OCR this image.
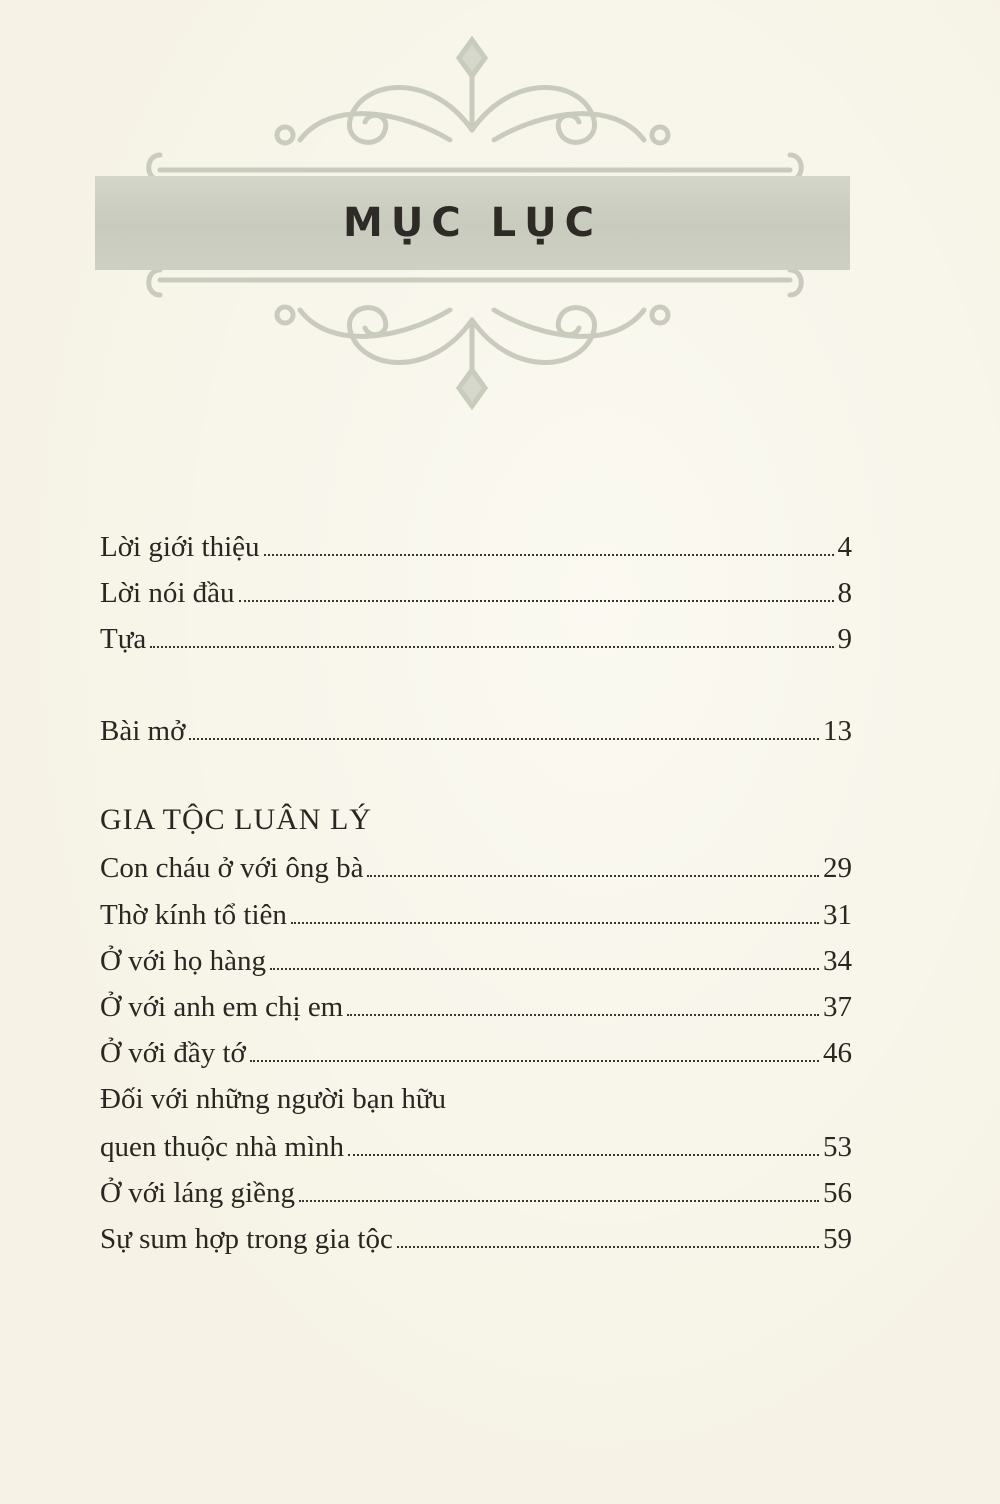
MỤC LỤC
Lời giới thiệu	4
Lời nói đầu	8
Tựa	9
Bài mở	13
GIA TỘC LUÂN LÝ
Con cháu ở với ông bà	29
Thờ kính tổ tiên	31
Ở với họ hàng	34
Ở với anh em chị em	37
Ở với đầy tớ	46
Đối với những người bạn hữu
quen thuộc nhà mình	53
Ở với láng giềng	56
Sự sum hợp trong gia tộc	59
